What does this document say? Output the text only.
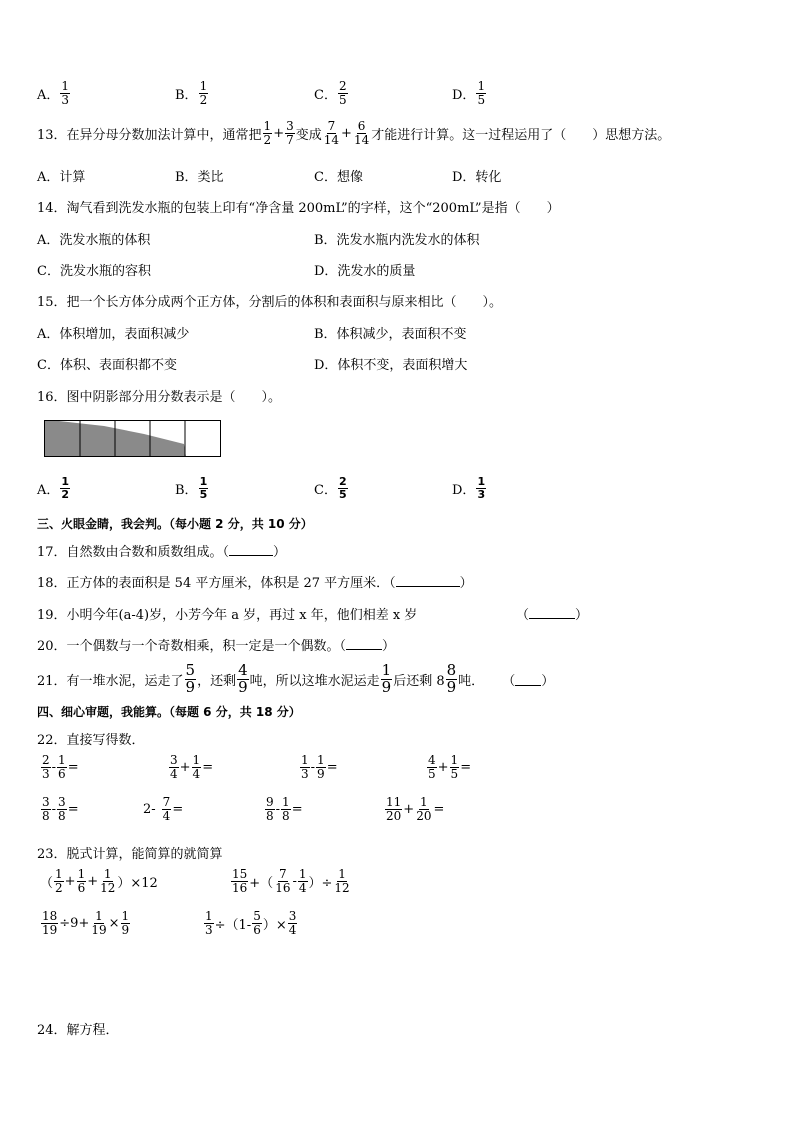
A． $\frac{1}{3}$	B． $\frac{1}{2}$	C． $\frac{2}{5}$	D． $\frac{1}{5}$
13．在异分母分数加法计算中，通常把 $\frac{1}{2} + \frac{3}{7}$ 变成 $\frac{7}{14} + \frac{6}{14}$ 才能进行计算。这一过程运用了（　　）思想方法。
A．计算	B．类比	C．想像	D．转化
14．淘气看到洗发水瓶的包装上印有“净含量 200mL”的字样，这个“200mL”是指（　　）
A．洗发水瓶的体积	B．洗发水瓶内洗发水的体积
C．洗发水瓶的容积	D．洗发水的质量
15．把一个长方体分成两个正方体，分割后的体积和表面积与原来相比（　　）。
A．体积增加，表面积减少	B．体积减少，表面积不变
C．体积、表面积都不变	D．体积不变，表面积增大
16．图中阴影部分用分数表示是（　　）。
A． $\frac{1}{2}$	B． $\frac{1}{5}$	C． $\frac{2}{5}$	D． $\frac{1}{3}$
三、火眼金睛，我会判。（每小题 2 分，共 10 分）
17．自然数由合数和质数组成。（	）
18．正方体的表面积是 54 平方厘米，体积是 27 平方厘米．（	）
19．小明今年(a-4)岁，小芳今年 a 岁，再过 x 年，他们相差 x 岁	（	）
20．一个偶数与一个奇数相乘，积一定是一个偶数。（	）
21．有一堆水泥，运走了 $\frac{5}{9}$ ，还剩 $\frac{4}{9}$ 吨，所以这堆水泥运走 $\frac{1}{9}$ 后还剩 $8 \frac{8}{9}$ 吨． （ ）
四、细心审题，我能算。（每题 6 分，共 18 分）
22．直接写得数．
$\frac{2}{3} - \frac{1}{6}$ =	$\frac{3}{4} + \frac{1}{4}$ =	$\frac{1}{3} - \frac{1}{9}$ =	$\frac{4}{5} + \frac{1}{5}$ =
$\frac{3}{8} - \frac{3}{8}$ =	$2- \frac{7}{4}$ =	$\frac{9}{8} - \frac{1}{8}$ =	$\frac{11}{20} + \frac{1}{20}$ =
23．脱式计算，能简算的就简算
（ $\frac{1}{2} + \frac{1}{6} + \frac{1}{12} )\times 12$	$\frac{15}{16}$ +（ $\frac{7}{16} - \frac{1}{4}$ ）÷ $\frac{1}{12}$
$\frac{18}{19} \div 9+ \frac{1}{19} \times \frac{1}{9}$	$\frac{1}{3} \div(1- \frac{5}{6}$ ）× $\frac{3}{4}$
24．解方程．
